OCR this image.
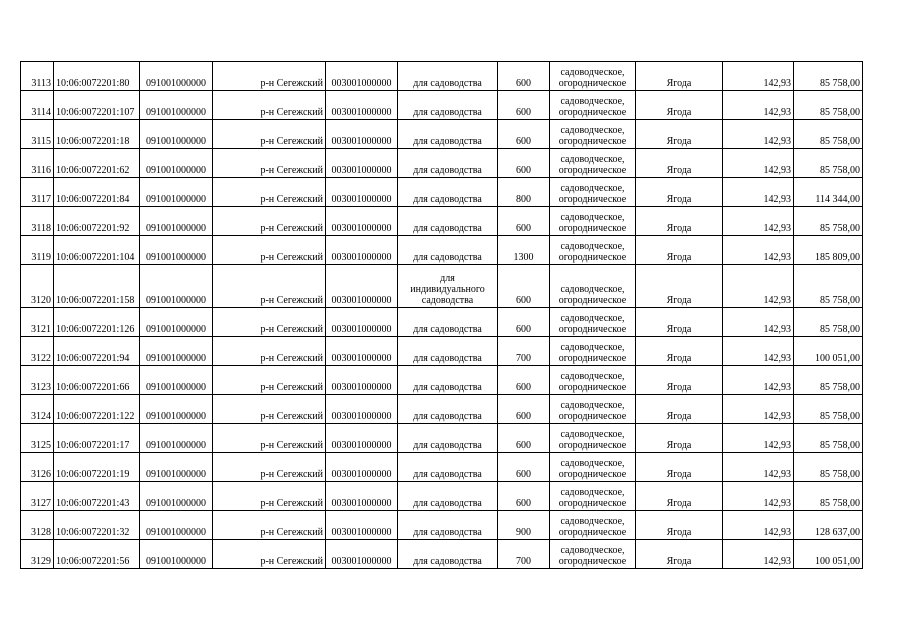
3113	10:06:0072201:80	091001000000	р-н Сегежский	003001000000	для садоводства	600	садоводческое,
огородническое	Ягода	142,93	85 758,00
3114	10:06:0072201:107	091001000000	р-н Сегежский	003001000000	для садоводства	600	садоводческое,
огородническое	Ягода	142,93	85 758,00
3115	10:06:0072201:18	091001000000	р-н Сегежский	003001000000	для садоводства	600	садоводческое,
огородническое	Ягода	142,93	85 758,00
3116	10:06:0072201:62	091001000000	р-н Сегежский	003001000000	для садоводства	600	садоводческое,
огородническое	Ягода	142,93	85 758,00
3117	10:06:0072201:84	091001000000	р-н Сегежский	003001000000	для садоводства	800	садоводческое,
огородническое	Ягода	142,93	114 344,00
3118	10:06:0072201:92	091001000000	р-н Сегежский	003001000000	для садоводства	600	садоводческое,
огородническое	Ягода	142,93	85 758,00
3119	10:06:0072201:104	091001000000	р-н Сегежский	003001000000	для садоводства	1300	садоводческое,
огородническое	Ягода	142,93	185 809,00
3120	10:06:0072201:158	091001000000	р-н Сегежский	003001000000	для
индивидуального
садоводства	600	садоводческое,
огородническое	Ягода	142,93	85 758,00
3121	10:06:0072201:126	091001000000	р-н Сегежский	003001000000	для садоводства	600	садоводческое,
огородническое	Ягода	142,93	85 758,00
3122	10:06:0072201:94	091001000000	р-н Сегежский	003001000000	для садоводства	700	садоводческое,
огородническое	Ягода	142,93	100 051,00
3123	10:06:0072201:66	091001000000	р-н Сегежский	003001000000	для садоводства	600	садоводческое,
огородническое	Ягода	142,93	85 758,00
3124	10:06:0072201:122	091001000000	р-н Сегежский	003001000000	для садоводства	600	садоводческое,
огородническое	Ягода	142,93	85 758,00
3125	10:06:0072201:17	091001000000	р-н Сегежский	003001000000	для садоводства	600	садоводческое,
огородническое	Ягода	142,93	85 758,00
3126	10:06:0072201:19	091001000000	р-н Сегежский	003001000000	для садоводства	600	садоводческое,
огородническое	Ягода	142,93	85 758,00
3127	10:06:0072201:43	091001000000	р-н Сегежский	003001000000	для садоводства	600	садоводческое,
огородническое	Ягода	142,93	85 758,00
3128	10:06:0072201:32	091001000000	р-н Сегежский	003001000000	для садоводства	900	садоводческое,
огородническое	Ягода	142,93	128 637,00
3129	10:06:0072201:56	091001000000	р-н Сегежский	003001000000	для садоводства	700	садоводческое,
огородническое	Ягода	142,93	100 051,00
